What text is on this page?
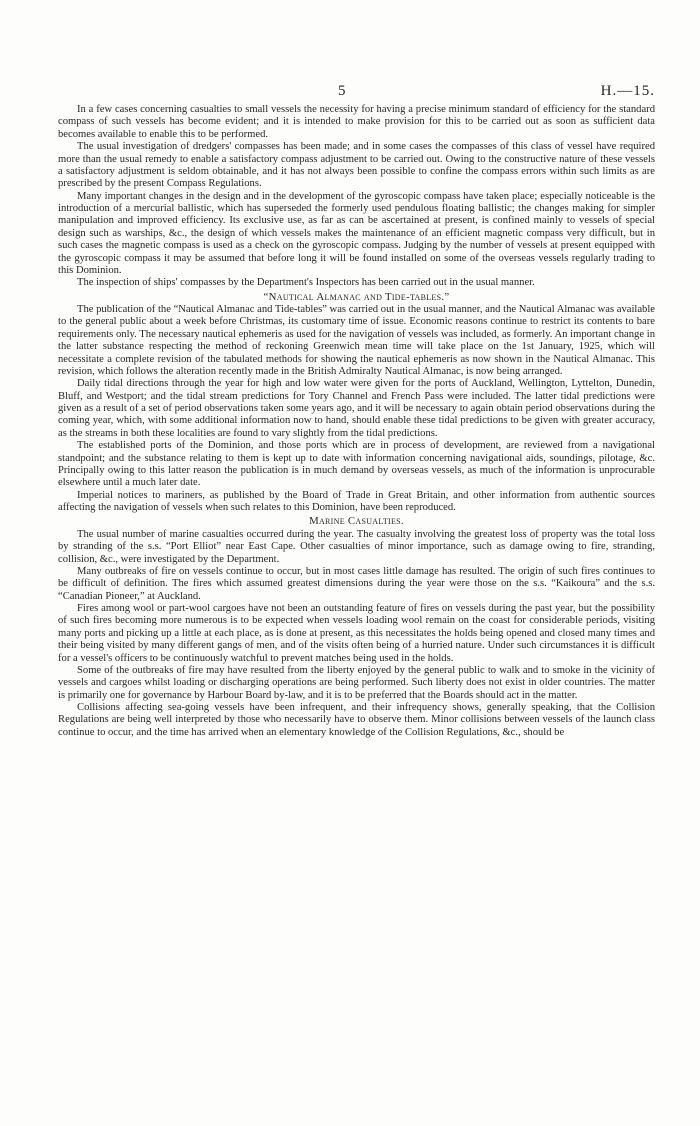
5	H.—15.

In a few cases concerning casualties to small vessels the necessity for having a precise minimum standard of efficiency for the standard compass of such vessels has become evident; and it is intended to make provision for this to be carried out as soon as sufficient data becomes available to enable this to be performed.

The usual investigation of dredgers' compasses has been made; and in some cases the compasses of this class of vessel have required more than the usual remedy to enable a satisfactory compass adjustment to be carried out. Owing to the constructive nature of these vessels a satisfactory adjustment is seldom obtainable, and it has not always been possible to confine the compass errors within such limits as are prescribed by the present Compass Regulations.

Many important changes in the design and in the development of the gyroscopic compass have taken place; especially noticeable is the introduction of a mercurial ballistic, which has superseded the formerly used pendulous floating ballistic; the changes making for simpler manipulation and improved efficiency. Its exclusive use, as far as can be ascertained at present, is confined mainly to vessels of special design such as warships, &c., the design of which vessels makes the maintenance of an efficient magnetic compass very difficult, but in such cases the magnetic compass is used as a check on the gyroscopic compass. Judging by the number of vessels at present equipped with the gyroscopic compass it may be assumed that before long it will be found installed on some of the overseas vessels regularly trading to this Dominion.

The inspection of ships' compasses by the Department's Inspectors has been carried out in the usual manner.

“Nautical Almanac and Tide-tables.”

The publication of the “Nautical Almanac and Tide-tables” was carried out in the usual manner, and the Nautical Almanac was available to the general public about a week before Christmas, its customary time of issue. Economic reasons continue to restrict its contents to bare requirements only. The necessary nautical ephemeris as used for the navigation of vessels was included, as formerly. An important change in the latter substance respecting the method of reckoning Greenwich mean time will take place on the 1st January, 1925, which will necessitate a complete revision of the tabulated methods for showing the nautical ephemeris as now shown in the Nautical Almanac. This revision, which follows the alteration recently made in the British Admiralty Nautical Almanac, is now being arranged.

Daily tidal directions through the year for high and low water were given for the ports of Auckland, Wellington, Lyttelton, Dunedin, Bluff, and Westport; and the tidal stream predictions for Tory Channel and French Pass were included. The latter tidal predictions were given as a result of a set of period observations taken some years ago, and it will be necessary to again obtain period observations during the coming year, which, with some additional information now to hand, should enable these tidal predictions to be given with greater accuracy, as the streams in both these localities are found to vary slightly from the tidal predictions.

The established ports of the Dominion, and those ports which are in process of development, are reviewed from a navigational standpoint; and the substance relating to them is kept up to date with information concerning navigational aids, soundings, pilotage, &c. Principally owing to this latter reason the publication is in much demand by overseas vessels, as much of the information is unprocurable elsewhere until a much later date.

Imperial notices to mariners, as published by the Board of Trade in Great Britain, and other information from authentic sources affecting the navigation of vessels when such relates to this Dominion, have been reproduced.

Marine Casualties.

The usual number of marine casualties occurred during the year. The casualty involving the greatest loss of property was the total loss by stranding of the s.s. “Port Elliot” near East Cape. Other casualties of minor importance, such as damage owing to fire, stranding, collision, &c., were investigated by the Department.

Many outbreaks of fire on vessels continue to occur, but in most cases little damage has resulted. The origin of such fires continues to be difficult of definition. The fires which assumed greatest dimensions during the year were those on the s.s. “Kaikoura” and the s.s. “Canadian Pioneer,” at Auckland.

Fires among wool or part-wool cargoes have not been an outstanding feature of fires on vessels during the past year, but the possibility of such fires becoming more numerous is to be expected when vessels loading wool remain on the coast for considerable periods, visiting many ports and picking up a little at each place, as is done at present, as this necessitates the holds being opened and closed many times and their being visited by many different gangs of men, and of the visits often being of a hurried nature. Under such circumstances it is difficult for a vessel's officers to be continuously watchful to prevent matches being used in the holds.

Some of the outbreaks of fire may have resulted from the liberty enjoyed by the general public to walk and to smoke in the vicinity of vessels and cargoes whilst loading or discharging operations are being performed. Such liberty does not exist in older countries. The matter is primarily one for governance by Harbour Board by-law, and it is to be preferred that the Boards should act in the matter.

Collisions affecting sea-going vessels have been infrequent, and their infrequency shows, generally speaking, that the Collision Regulations are being well interpreted by those who necessarily have to observe them. Minor collisions between vessels of the launch class continue to occur, and the time has arrived when an elementary knowledge of the Collision Regulations, &c., should be
